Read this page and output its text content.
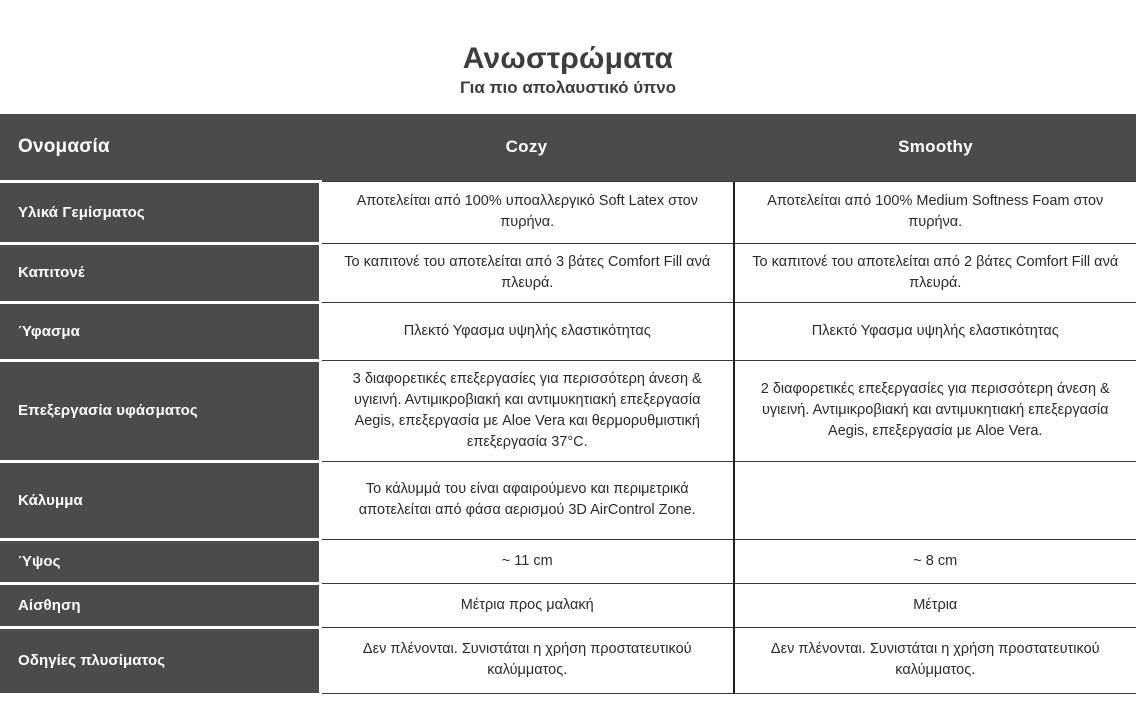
Ανωστρώματα

Για πιο απολαυστικό ύπνο

Ονομασία	Cozy	Smoothy
Υλικά Γεμίσματος	Αποτελείται από 100% υποαλλεργικό Soft Latex στον πυρήνα.	Αποτελείται από 100% Medium Softness Foam στον πυρήνα.
Καπιτονέ	Το καπιτονέ του αποτελείται από 3 βάτες Comfort Fill ανά πλευρά.	Το καπιτονέ του αποτελείται από 2 βάτες Comfort Fill ανά πλευρά.
Ύφασμα	Πλεκτό Υφασμα υψηλής ελαστικότητας	Πλεκτό Υφασμα υψηλής ελαστικότητας
Επεξεργασία υφάσματος	3 διαφορετικές επεξεργασίες για περισσότερη άνεση & υγιεινή. Αντιμικροβιακή και αντιμυκητιακή επεξεργασία Aegis, επεξεργασία με Aloe Vera και θερμορυθμιστική επεξεργασία 37°C.	2 διαφορετικές επεξεργασίες για περισσότερη άνεση & υγιεινή. Αντιμικροβιακή και αντιμυκητιακή επεξεργασία Aegis, επεξεργασία με Aloe Vera.
Κάλυμμα	Το κάλυμμά του είναι αφαιρούμενο και περιμετρικά αποτελείται από φάσα αερισμού 3D AirControl Zone.	
Ύψος	~ 11 cm	~ 8 cm
Αίσθηση	Μέτρια προς μαλακή	Μέτρια
Οδηγίες πλυσίματος	Δεν πλένονται. Συνιστάται η χρήση προστατευτικού καλύμματος.	Δεν πλένονται. Συνιστάται η χρήση προστατευτικού καλύμματος.
